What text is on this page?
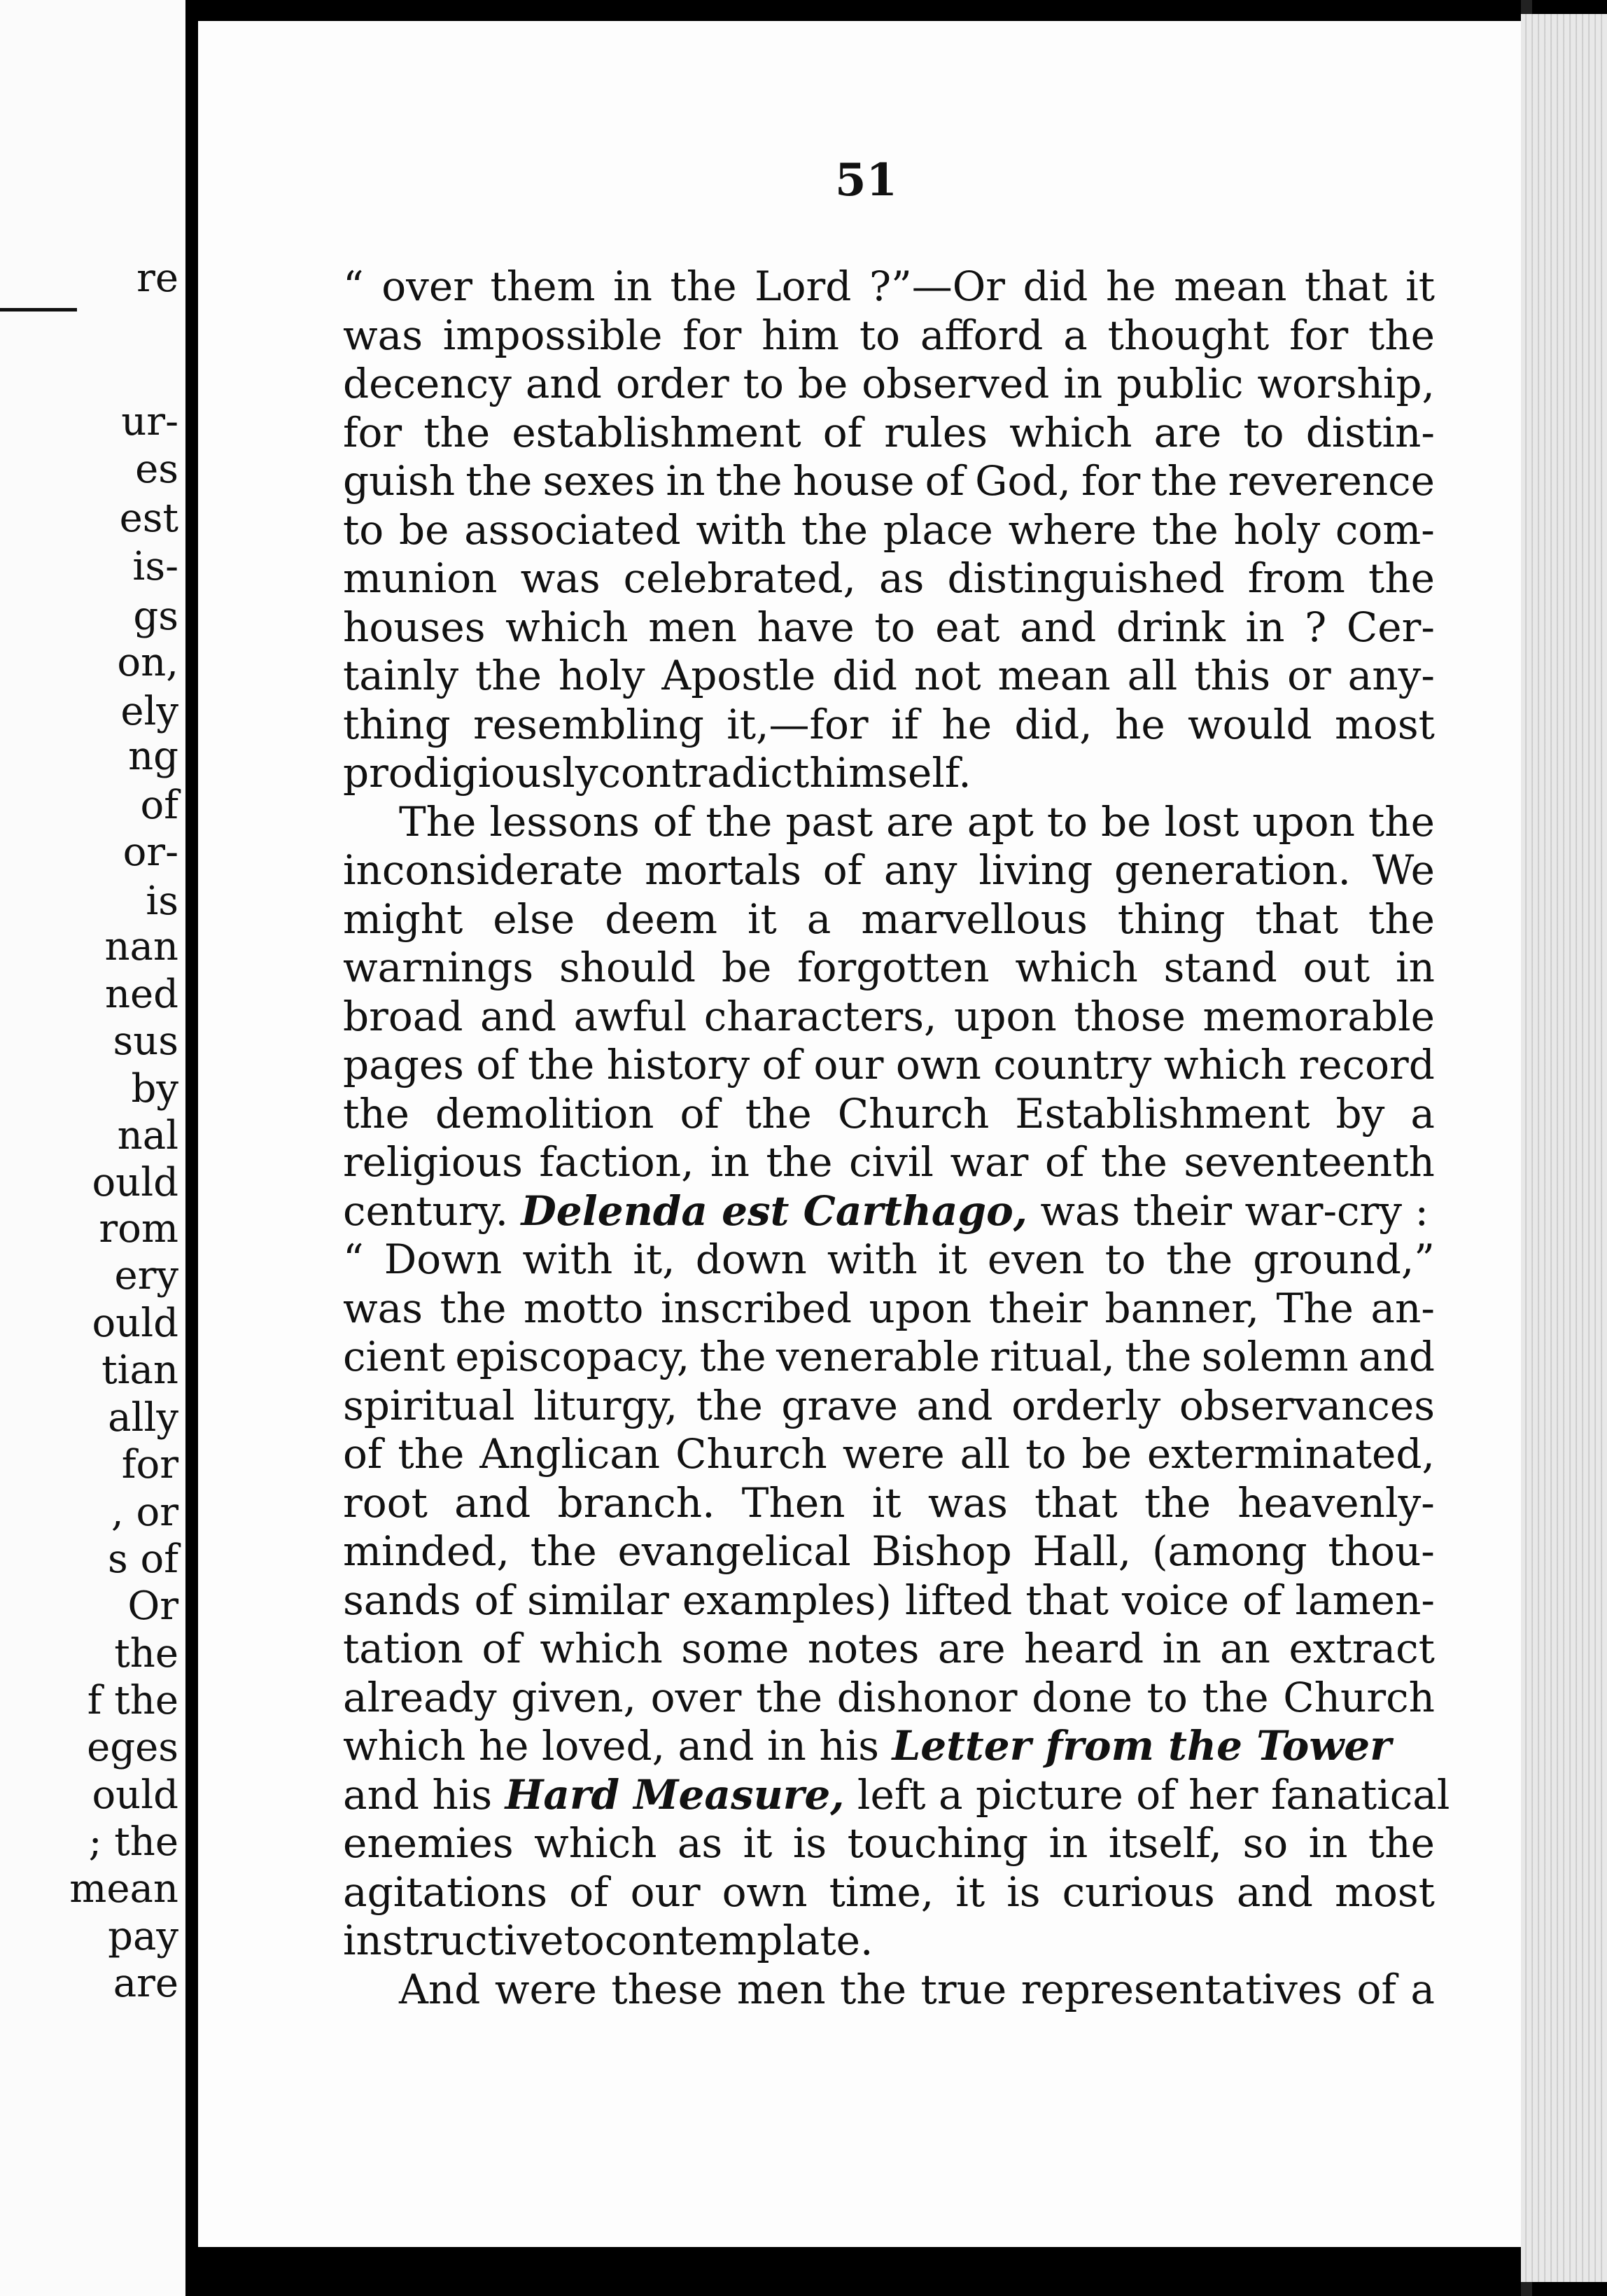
re
ur-
es
est
is-
gs
on,
ely
ng
of
or-
is
nan
ned
sus
by
nal
ould
rom
ery
ould
tian
ally
for
, or
s of
Or
the
f the
eges
ould
; the
mean
pay
are
51
“ over them in the Lord ?”—Or did he mean that it
was impossible for him to afford a thought for the
decency and order to be observed in public worship,
for the establishment of rules which are to distin-
guish the sexes in the house of God, for the reverence
to be associated with the place where the holy com-
munion was celebrated, as distinguished from the
houses which men have to eat and drink in ? Cer-
tainly the holy Apostle did not mean all this or any-
thing resembling it,—for if he did, he would most
prodigiously contradict himself.
The lessons of the past are apt to be lost upon the
inconsiderate mortals of any living generation. We
might else deem it a marvellous thing that the
warnings should be forgotten which stand out in
broad and awful characters, upon those memorable
pages of the history of our own country which record
the demolition of the Church Establishment by a
religious faction, in the civil war of the seventeenth
century. Delenda est Carthago, was their war-cry :
“ Down with it, down with it even to the ground,”
was the motto inscribed upon their banner, The an-
cient episcopacy, the venerable ritual, the solemn and
spiritual liturgy, the grave and orderly observances
of the Anglican Church were all to be exterminated,
root and branch. Then it was that the heavenly-
minded, the evangelical Bishop Hall, (among thou-
sands of similar examples) lifted that voice of lamen-
tation of which some notes are heard in an extract
already given, over the dishonor done to the Church
which he loved, and in his Letter from the Tower
and his Hard Measure, left a picture of her fanatical
enemies which as it is touching in itself, so in the
agitations of our own time, it is curious and most
instructive to contemplate.
And were these men the true representatives of a
